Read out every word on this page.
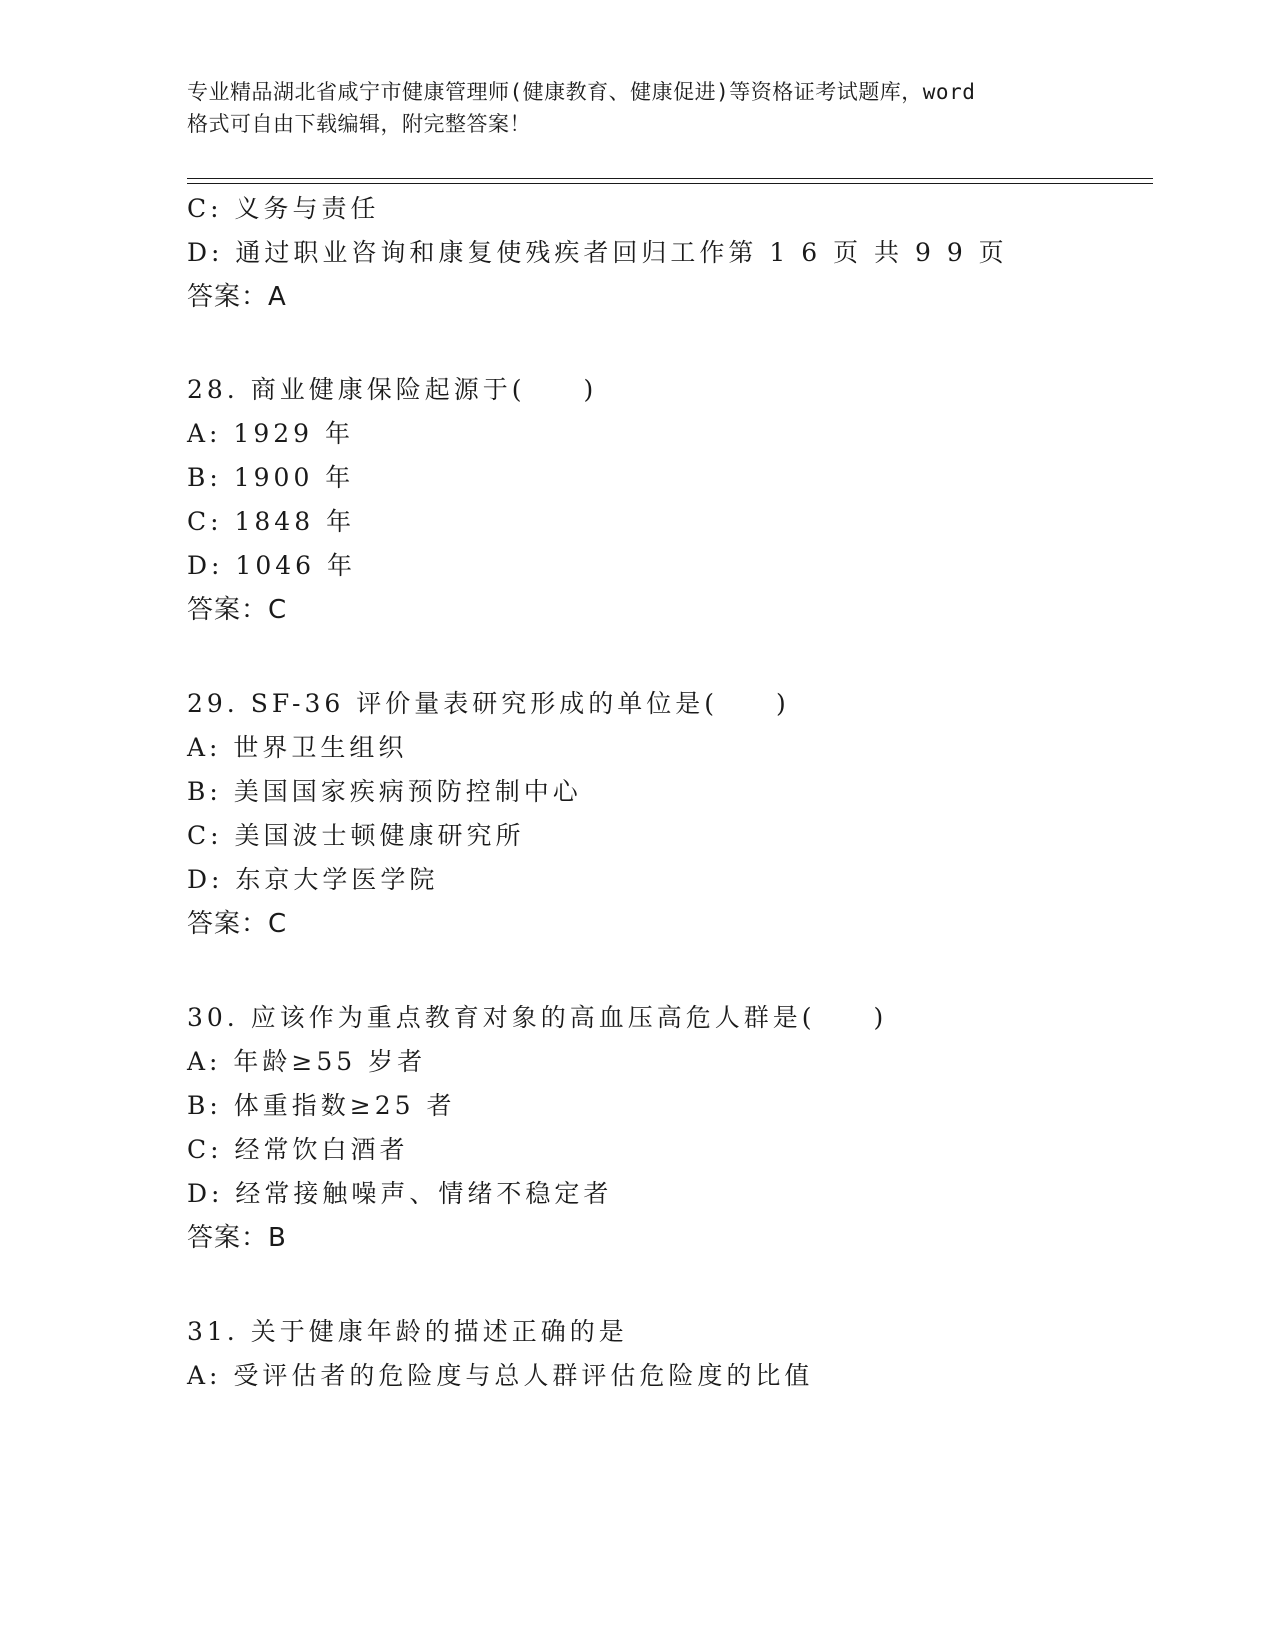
专业精品湖北省咸宁市健康管理师(健康教育、健康促进)等资格证考试题库，word
格式可自由下载编辑，附完整答案！
C: 义务与责任
D: 通过职业咨询和康复使残疾者回归工作第 1 6 页 共 9 9 页
答案：A
28. 商业健康保险起源于(　　)
A: 1929 年
B: 1900 年
C: 1848 年
D: 1046 年
答案：C
29. SF-36 评价量表研究形成的单位是(　　)
A: 世界卫生组织
B: 美国国家疾病预防控制中心
C: 美国波士顿健康研究所
D: 东京大学医学院
答案：C
30. 应该作为重点教育对象的高血压高危人群是(　　)
A: 年龄≥55 岁者
B: 体重指数≥25 者
C: 经常饮白酒者
D: 经常接触噪声、情绪不稳定者
答案：B
31. 关于健康年龄的描述正确的是
A: 受评估者的危险度与总人群评估危险度的比值
